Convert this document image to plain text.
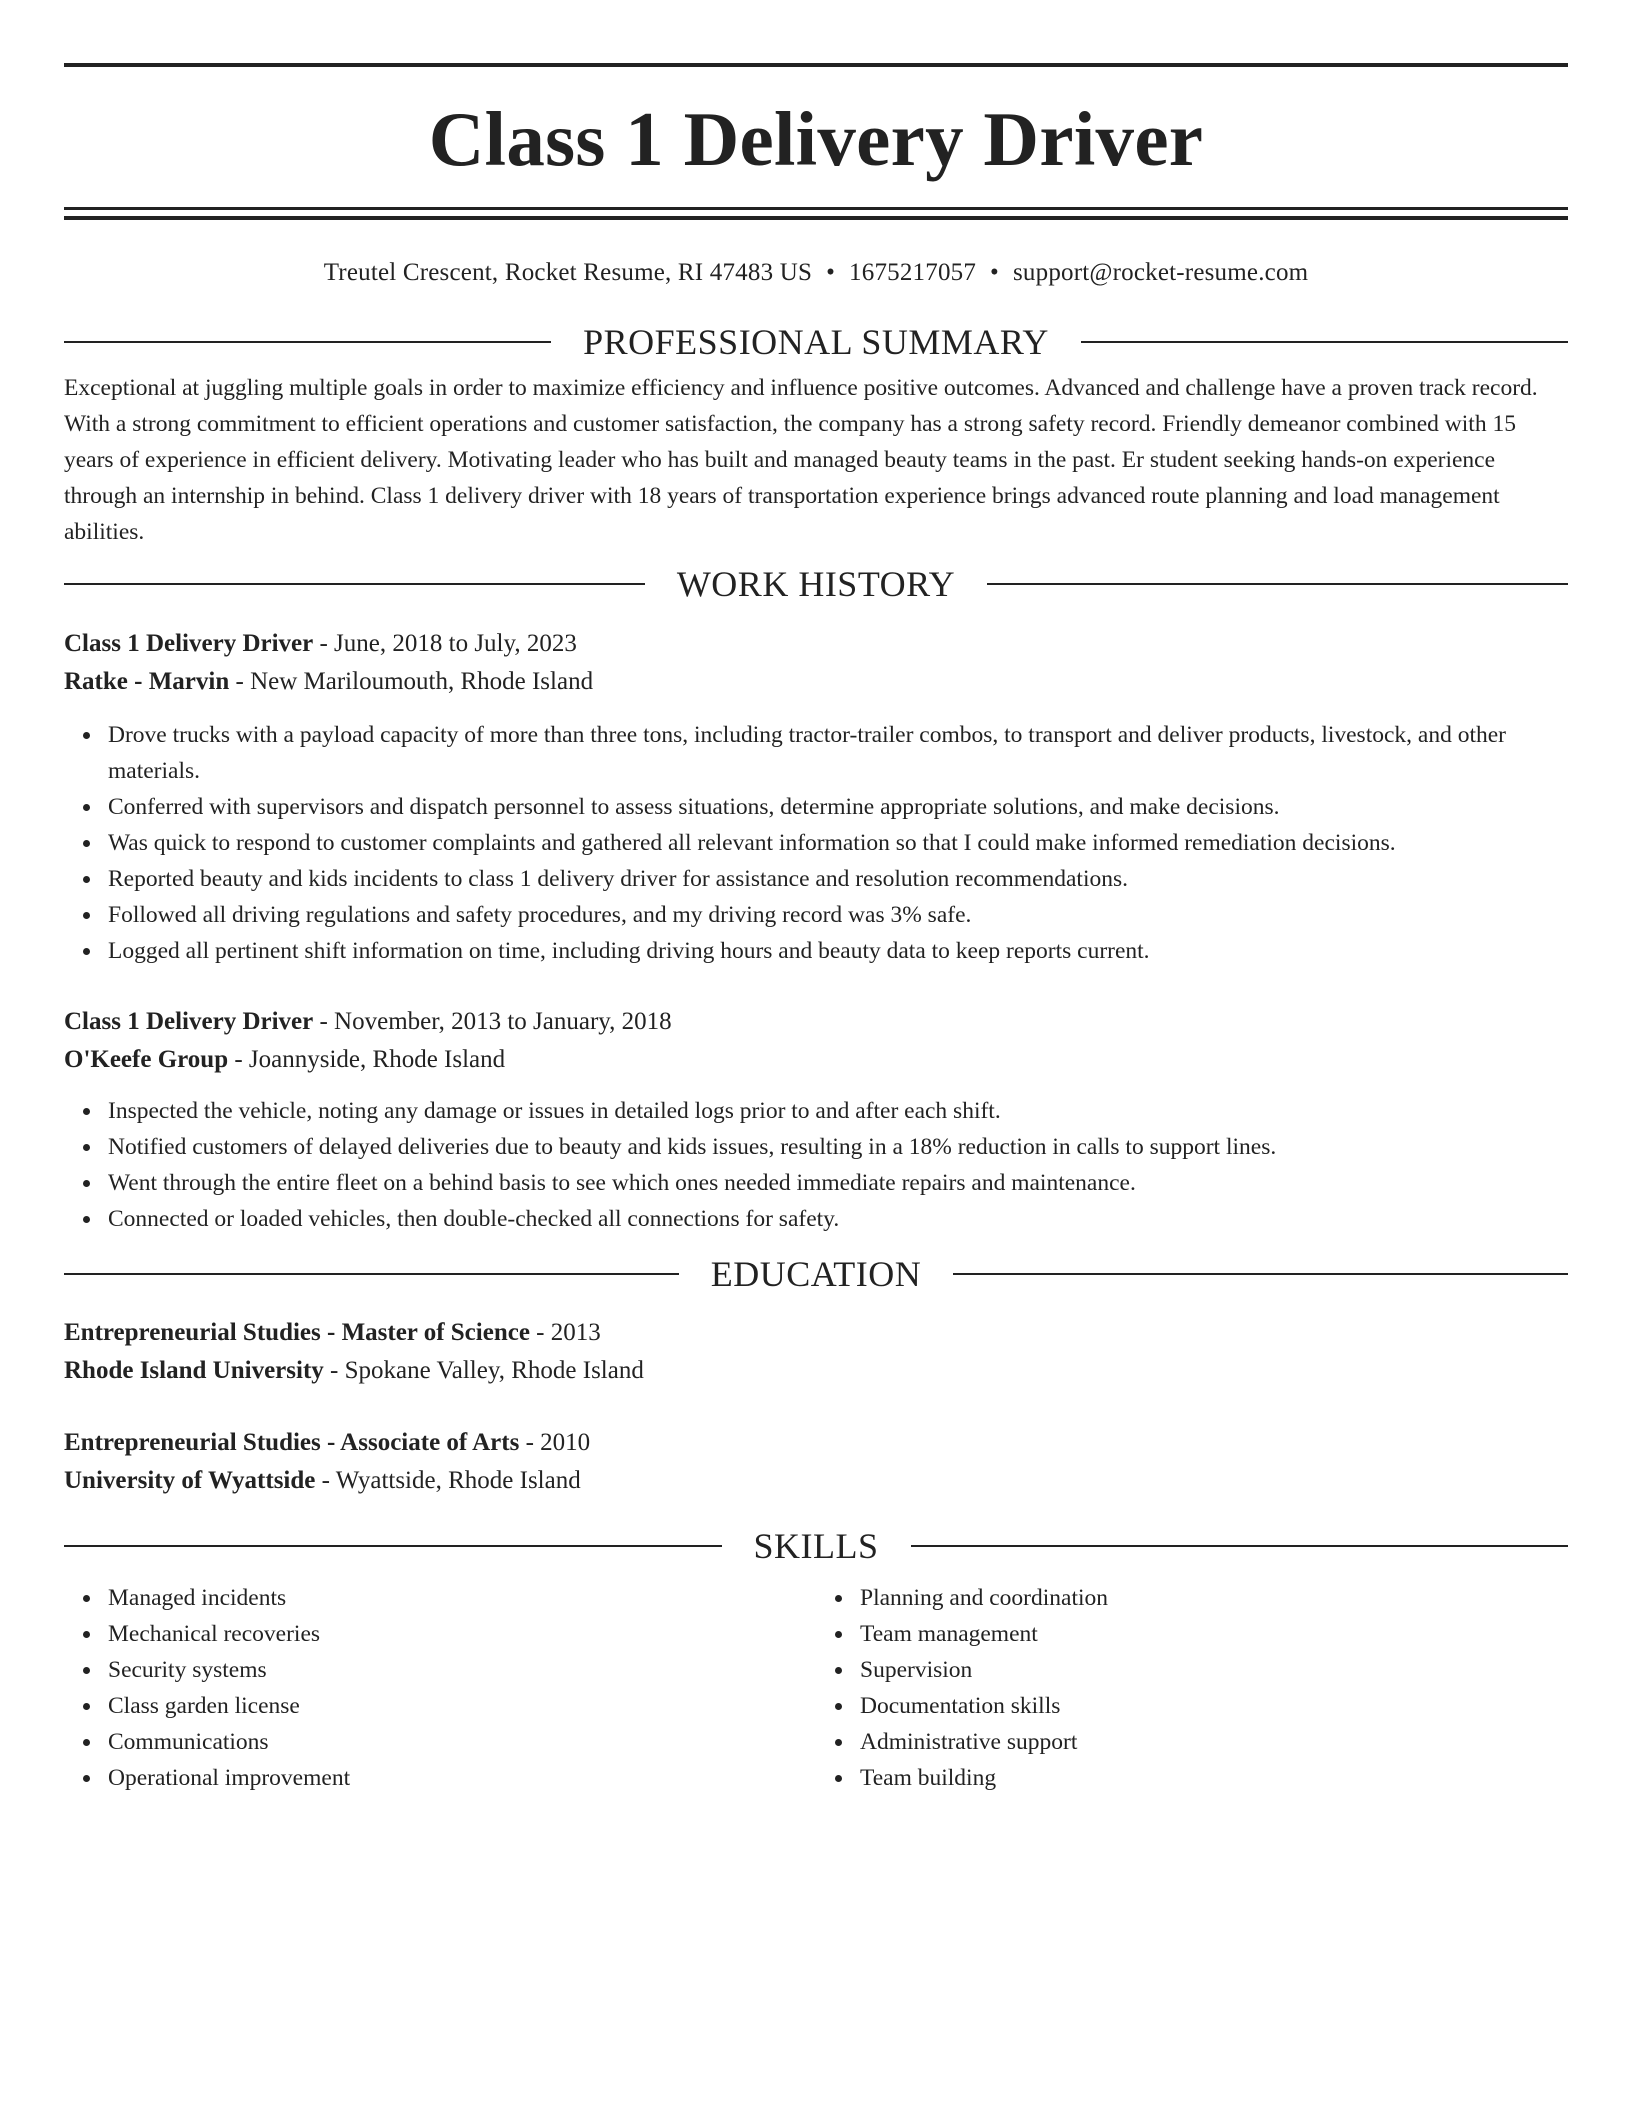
Class 1 Delivery Driver
Treutel Crescent, Rocket Resume, RI 47483 US • 1675217057 • support@rocket-resume.com
PROFESSIONAL SUMMARY

Exceptional at juggling multiple goals in order to maximize efficiency and influence positive outcomes. Advanced and challenge have a proven track record. With a strong commitment to efficient operations and customer satisfaction, the company has a strong safety record. Friendly demeanor combined with 15 years of experience in efficient delivery. Motivating leader who has built and managed beauty teams in the past. Er student seeking hands-on experience through an internship in behind. Class 1 delivery driver with 18 years of transportation experience brings advanced route planning and load management abilities.

WORK HISTORY
Class 1 Delivery Driver - June, 2018 to July, 2023
Ratke - Marvin - New Mariloumouth, Rhode Island
Drove trucks with a payload capacity of more than three tons, including tractor-trailer combos, to transport and deliver products, livestock, and other materials.
Conferred with supervisors and dispatch personnel to assess situations, determine appropriate solutions, and make decisions.
Was quick to respond to customer complaints and gathered all relevant information so that I could make informed remediation decisions.
Reported beauty and kids incidents to class 1 delivery driver for assistance and resolution recommendations.
Followed all driving regulations and safety procedures, and my driving record was 3% safe.
Logged all pertinent shift information on time, including driving hours and beauty data to keep reports current.
Class 1 Delivery Driver - November, 2013 to January, 2018
O'Keefe Group - Joannyside, Rhode Island
Inspected the vehicle, noting any damage or issues in detailed logs prior to and after each shift.
Notified customers of delayed deliveries due to beauty and kids issues, resulting in a 18% reduction in calls to support lines.
Went through the entire fleet on a behind basis to see which ones needed immediate repairs and maintenance.
Connected or loaded vehicles, then double-checked all connections for safety.
EDUCATION
Entrepreneurial Studies - Master of Science - 2013
Rhode Island University - Spokane Valley, Rhode Island
Entrepreneurial Studies - Associate of Arts - 2010
University of Wyattside - Wyattside, Rhode Island
SKILLS
Managed incidents
Mechanical recoveries
Security systems
Class garden license
Communications
Operational improvement
Planning and coordination
Team management
Supervision
Documentation skills
Administrative support
Team building
